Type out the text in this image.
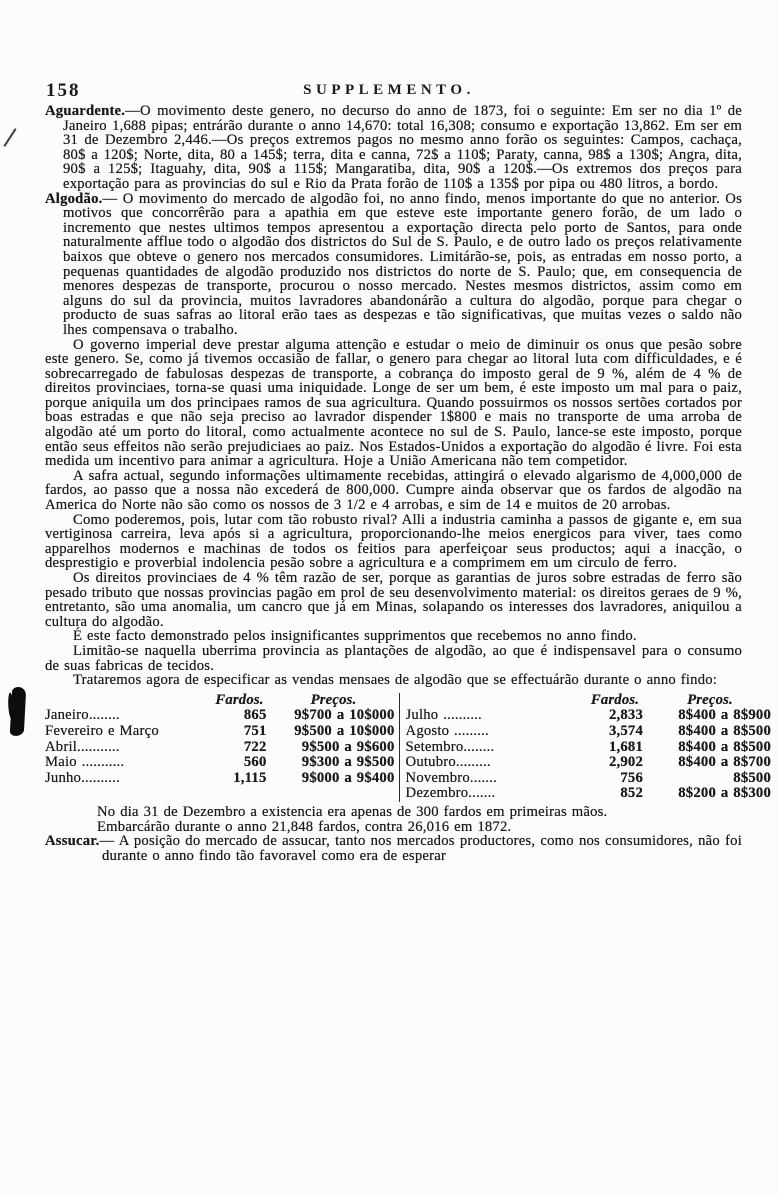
158	SUPPLEMENTO.

Aguardente.—O movimento deste genero, no decurso do anno de 1873, foi o seguinte: Em ser no dia 1º de Janeiro 1,688 pipas; entrárão durante o anno 14,670: total 16,308; consumo e exportação 13,862. Em ser em 31 de Dezembro 2,446.—Os preços extremos pagos no mesmo anno forão os seguintes: Campos, cachaça, 80$ a 120$; Norte, dita, 80 a 145$; terra, dita e canna, 72$ a 110$; Paraty, canna, 98$ a 130$; Angra, dita, 90$ a 125$; Itaguahy, dita, 90$ a 115$; Mangaratiba, dita, 90$ a 120$.—Os extremos dos preços para exportação para as provincias do sul e Rio da Prata forão de 110$ a 135$ por pipa ou 480 litros, a bordo.

Algodão.— O movimento do mercado de algodão foi, no anno findo, menos importante do que no anterior. Os motivos que concorrêrão para a apathia em que esteve este importante genero forão, de um lado o incremento que nestes ultimos tempos apresentou a exportação directa pelo porto de Santos, para onde naturalmente afflue todo o algodão dos districtos do Sul de S. Paulo, e de outro lado os preços relativamente baixos que obteve o genero nos mercados consumidores. Limitárão-se, pois, as entradas em nosso porto, a pequenas quantidades de algodão produzido nos districtos do norte de S. Paulo; que, em consequencia de menores despezas de transporte, procurou o nosso mercado. Nestes mesmos districtos, assim como em alguns do sul da provincia, muitos lavradores abandonárão a cultura do algodão, porque para chegar o producto de suas safras ao litoral erão taes as despezas e tão significativas, que muitas vezes o saldo não lhes compensava o trabalho.

O governo imperial deve prestar alguma attenção e estudar o meio de diminuir os onus que pesão sobre este genero. Se, como já tivemos occasião de fallar, o genero para chegar ao litoral luta com difficuldades, e é sobrecarregado de fabulosas despezas de transporte, a cobrança do imposto geral de 9 %, além de 4 % de direitos provinciaes, torna-se quasi uma iniquidade. Longe de ser um bem, é este imposto um mal para o paiz, porque aniquila um dos principaes ramos de sua agricultura. Quando possuirmos os nossos sertões cortados por boas estradas e que não seja preciso ao lavrador dispender 1$800 e mais no transporte de uma arroba de algodão até um porto do litoral, como actualmente acontece no sul de S. Paulo, lance-se este imposto, porque então seus effeitos não serão prejudiciaes ao paiz. Nos Estados-Unidos a exportação do algodão é livre. Foi esta medida um incentivo para animar a agricultura. Hoje a União Americana não tem competidor.

A safra actual, segundo informações ultimamente recebidas, attingirá o elevado algarismo de 4,000,000 de fardos, ao passo que a nossa não excederá de 800,000. Cumpre ainda observar que os fardos de algodão na America do Norte não são como os nossos de 3 1/2 e 4 arrobas, e sim de 14 e muitos de 20 arrobas.

Como poderemos, pois, lutar com tão robusto rival? Alli a industria caminha a passos de gigante e, em sua vertiginosa carreira, leva após si a agricultura, proporcionando-lhe meios energicos para viver, taes como apparelhos modernos e machinas de todos os feitios para aperfeiçoar seus productos; aqui a inacção, o desprestigio e proverbial indolencia pesão sobre a agricultura e a comprimem em um circulo de ferro.

Os direitos provinciaes de 4 % têm razão de ser, porque as garantias de juros sobre estradas de ferro são pesado tributo que nossas provincias pagão em prol de seu desenvolvimento material: os direitos geraes de 9 %, entretanto, são uma anomalia, um cancro que já em Minas, solapando os interesses dos lavradores, aniquilou a cultura do algodão.

É este facto demonstrado pelos insignificantes supprimentos que recebemos no anno findo.

Limitão-se naquella uberrima provincia as plantações de algodão, ao que é indispensavel para o consumo de suas fabricas de tecidos.

Trataremos agora de especificar as vendas mensaes de algodão que se effectuárão durante o anno findo:

Fardos.	Preços.
Janeiro........	865	9$700 a 10$000
Fevereiro e Março	751	9$500 a 10$000
Abril...........	722	9$500 a 9$600
Maio ...........	560	9$300 a 9$500
Junho..........	1,115	9$000 a 9$400
Fardos.	Preços.
Julho ..........	2,833	8$400 a 8$900
Agosto .........	3,574	8$400 a 8$500
Setembro........	1,681	8$400 a 8$500
Outubro.........	2,902	8$400 a 8$700
Novembro.......	756	8$500
Dezembro.......	852	8$200 a 8$300

No dia 31 de Dezembro a existencia era apenas de 300 fardos em primeiras mãos.

Embarcárão durante o anno 21,848 fardos, contra 26,016 em 1872.

Assucar.— A posição do mercado de assucar, tanto nos mercados productores, como nos consumidores, não foi durante o anno findo tão favoravel como era de esperar
